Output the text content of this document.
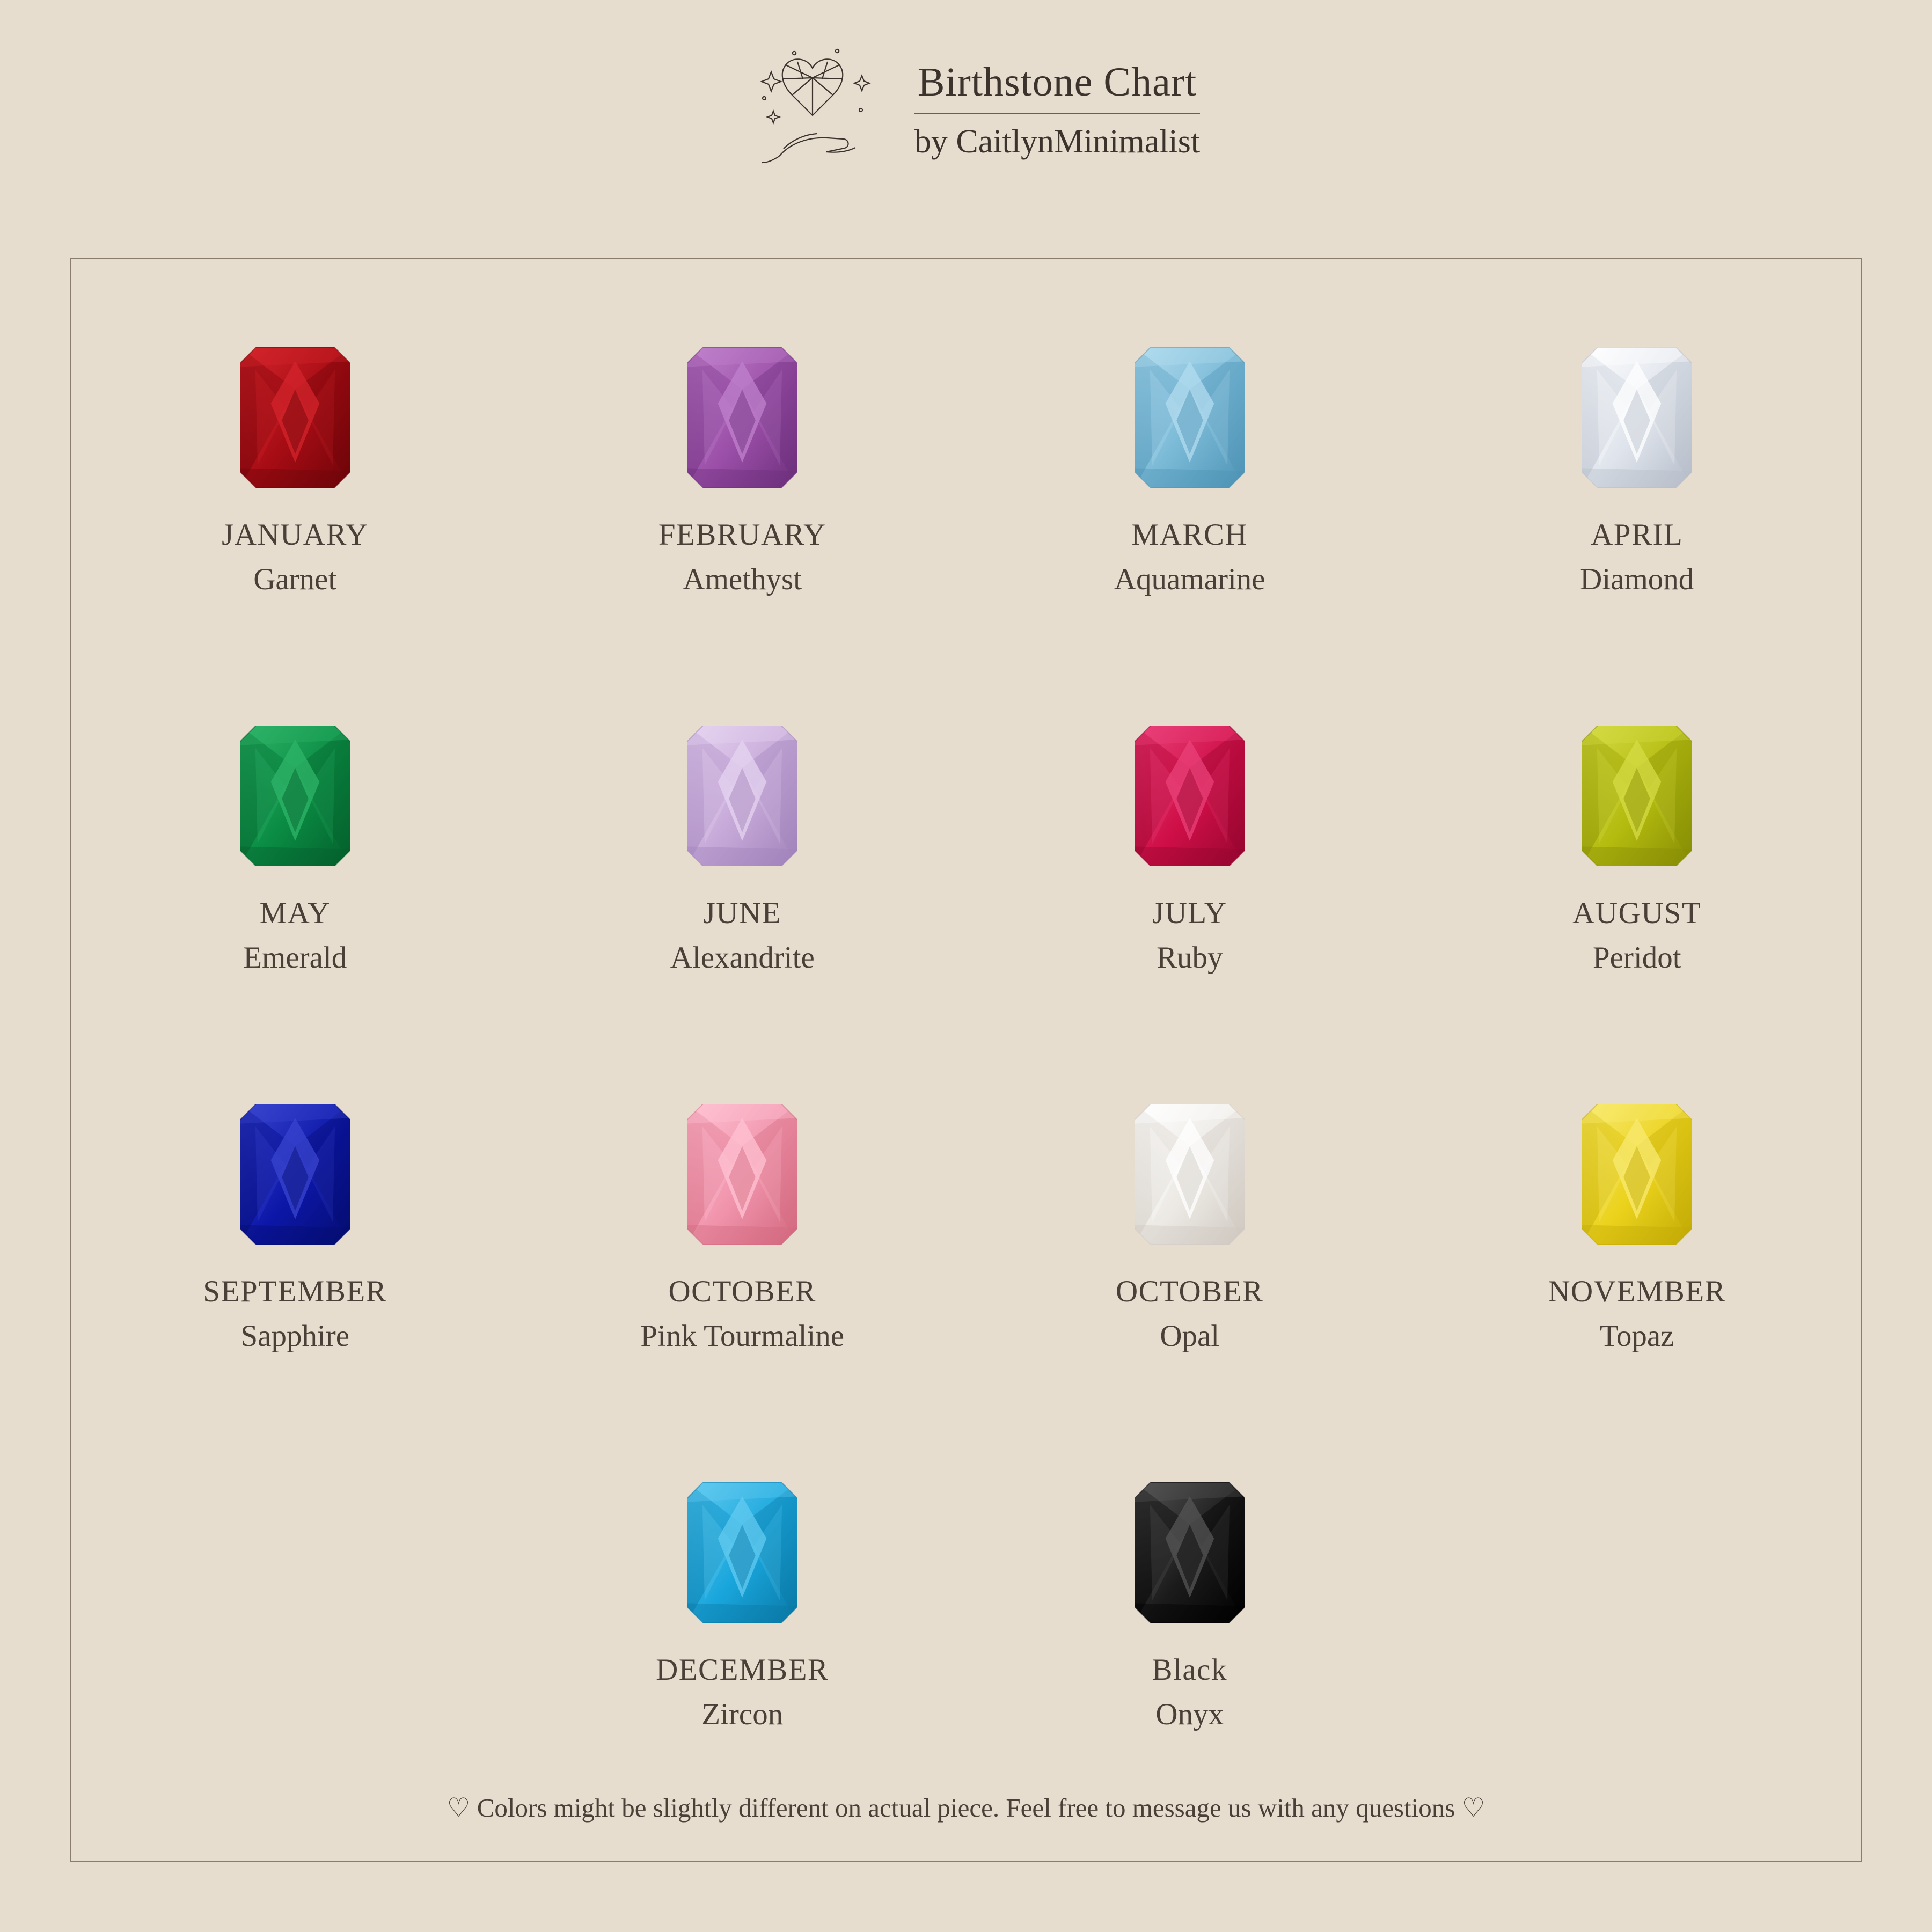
Birthstone Chart
by CaitlynMinimalist
JANUARY
Garnet
FEBRUARY
Amethyst
MARCH
Aquamarine
APRIL
Diamond
MAY
Emerald
JUNE
Alexandrite
JULY
Ruby
AUGUST
Peridot
SEPTEMBER
Sapphire
OCTOBER
Pink Tourmaline
OCTOBER
Opal
NOVEMBER
Topaz
DECEMBER
Zircon
Black
Onyx
♡ Colors might be slightly different on actual piece. Feel free to message us with any questions ♡
